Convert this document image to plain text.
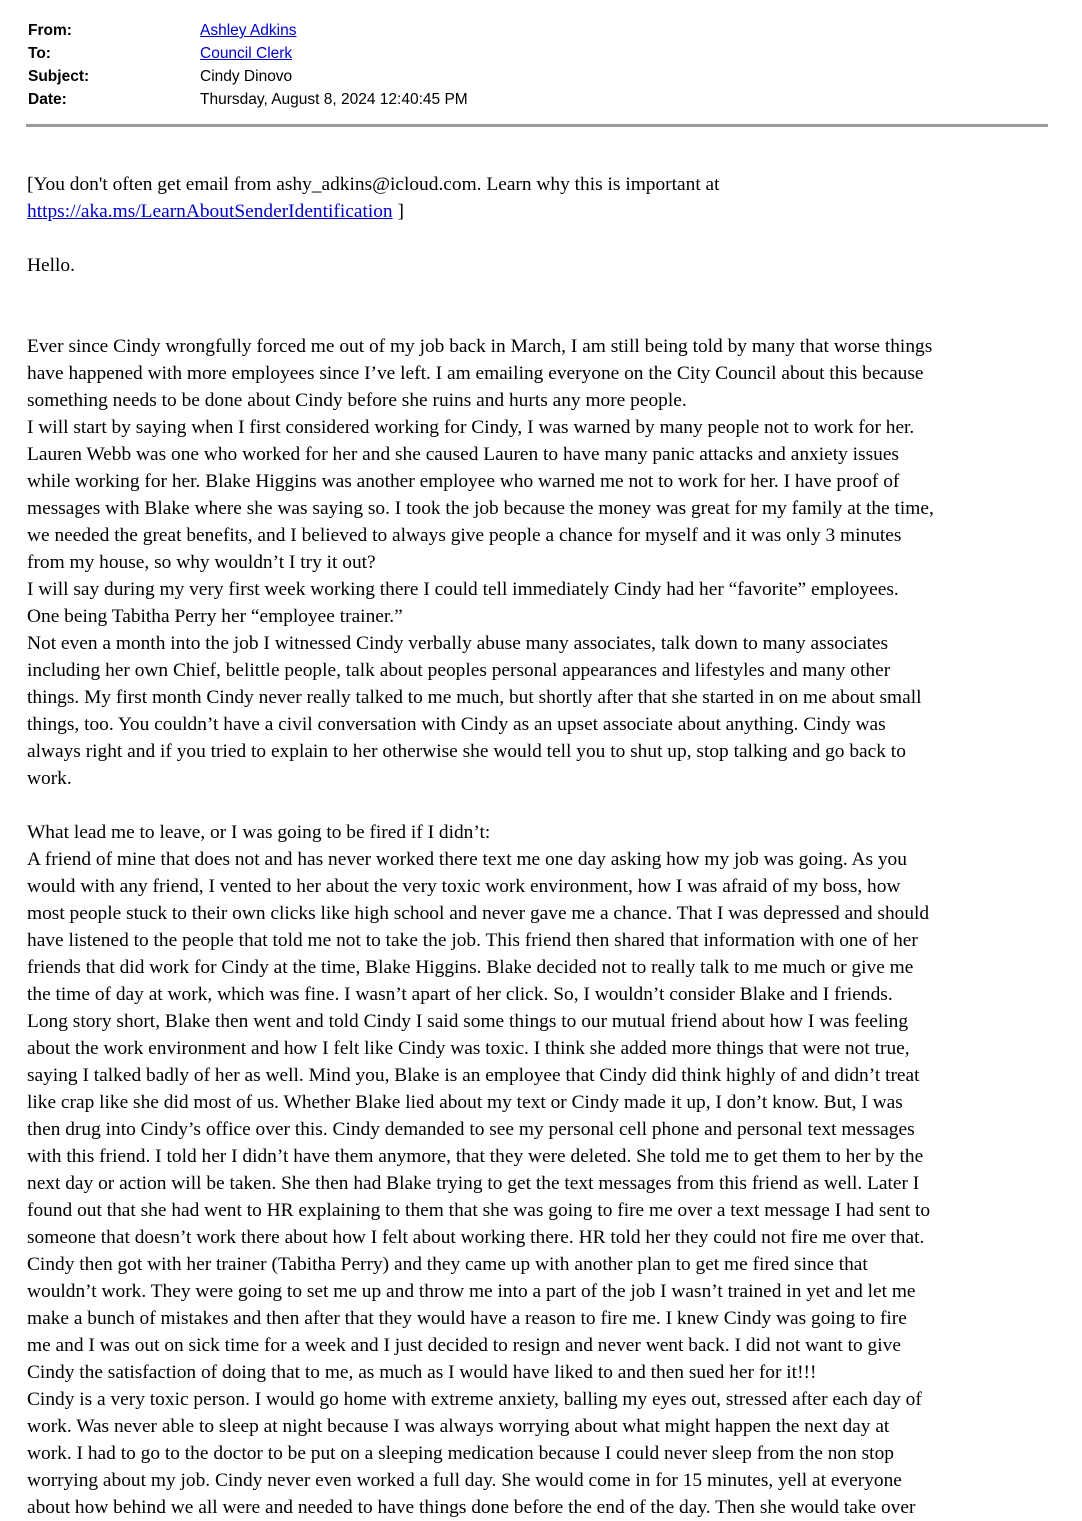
From:	Ashley Adkins
To:	Council Clerk
Subject:	Cindy Dinovo
Date:	Thursday, August 8, 2024 12:40:45 PM

[You don't often get email from ashy_adkins@icloud.com. Learn why this is important at
https://aka.ms/LearnAboutSenderIdentification ]

Hello.

Ever since Cindy wrongfully forced me out of my job back in March, I am still being told by many that worse things
have happened with more employees since I’ve left. I am emailing everyone on the City Council about this because
something needs to be done about Cindy before she ruins and hurts any more people.
I will start by saying when I first considered working for Cindy, I was warned by many people not to work for her.
Lauren Webb was one who worked for her and she caused Lauren to have many panic attacks and anxiety issues
while working for her. Blake Higgins was another employee who warned me not to work for her. I have proof of
messages with Blake where she was saying so. I took the job because the money was great for my family at the time,
we needed the great benefits, and I believed to always give people a chance for myself and it was only 3 minutes
from my house, so why wouldn’t I try it out?
I will say during my very first week working there I could tell immediately Cindy had her “favorite” employees.
One being Tabitha Perry her “employee trainer.”
Not even a month into the job I witnessed Cindy verbally abuse many associates, talk down to many associates
including her own Chief, belittle people, talk about peoples personal appearances and lifestyles and many other
things. My first month Cindy never really talked to me much, but shortly after that she started in on me about small
things, too. You couldn’t have a civil conversation with Cindy as an upset associate about anything. Cindy was
always right and if you tried to explain to her otherwise she would tell you to shut up, stop talking and go back to
work.

What lead me to leave, or I was going to be fired if I didn’t:
A friend of mine that does not and has never worked there text me one day asking how my job was going. As you
would with any friend, I vented to her about the very toxic work environment, how I was afraid of my boss, how
most people stuck to their own clicks like high school and never gave me a chance. That I was depressed and should
have listened to the people that told me not to take the job. This friend then shared that information with one of her
friends that did work for Cindy at the time, Blake Higgins. Blake decided not to really talk to me much or give me
the time of day at work, which was fine. I wasn’t apart of her click. So, I wouldn’t consider Blake and I friends.
Long story short, Blake then went and told Cindy I said some things to our mutual friend about how I was feeling
about the work environment and how I felt like Cindy was toxic. I think she added more things that were not true,
saying I talked badly of her as well. Mind you, Blake is an employee that Cindy did think highly of and didn’t treat
like crap like she did most of us. Whether Blake lied about my text or Cindy made it up, I don’t know. But, I was
then drug into Cindy’s office over this. Cindy demanded to see my personal cell phone and personal text messages
with this friend. I told her I didn’t have them anymore, that they were deleted. She told me to get them to her by the
next day or action will be taken. She then had Blake trying to get the text messages from this friend as well. Later I
found out that she had went to HR explaining to them that she was going to fire me over a text message I had sent to
someone that doesn’t work there about how I felt about working there. HR told her they could not fire me over that.
Cindy then got with her trainer (Tabitha Perry) and they came up with another plan to get me fired since that
wouldn’t work. They were going to set me up and throw me into a part of the job I wasn’t trained in yet and let me
make a bunch of mistakes and then after that they would have a reason to fire me. I knew Cindy was going to fire
me and I was out on sick time for a week and I just decided to resign and never went back. I did not want to give
Cindy the satisfaction of doing that to me, as much as I would have liked to and then sued her for it!!!
Cindy is a very toxic person. I would go home with extreme anxiety, balling my eyes out, stressed after each day of
work. Was never able to sleep at night because I was always worrying about what might happen the next day at
work. I had to go to the doctor to be put on a sleeping medication because I could never sleep from the non stop
worrying about my job. Cindy never even worked a full day. She would come in for 15 minutes, yell at everyone
about how behind we all were and needed to have things done before the end of the day. Then she would take over
